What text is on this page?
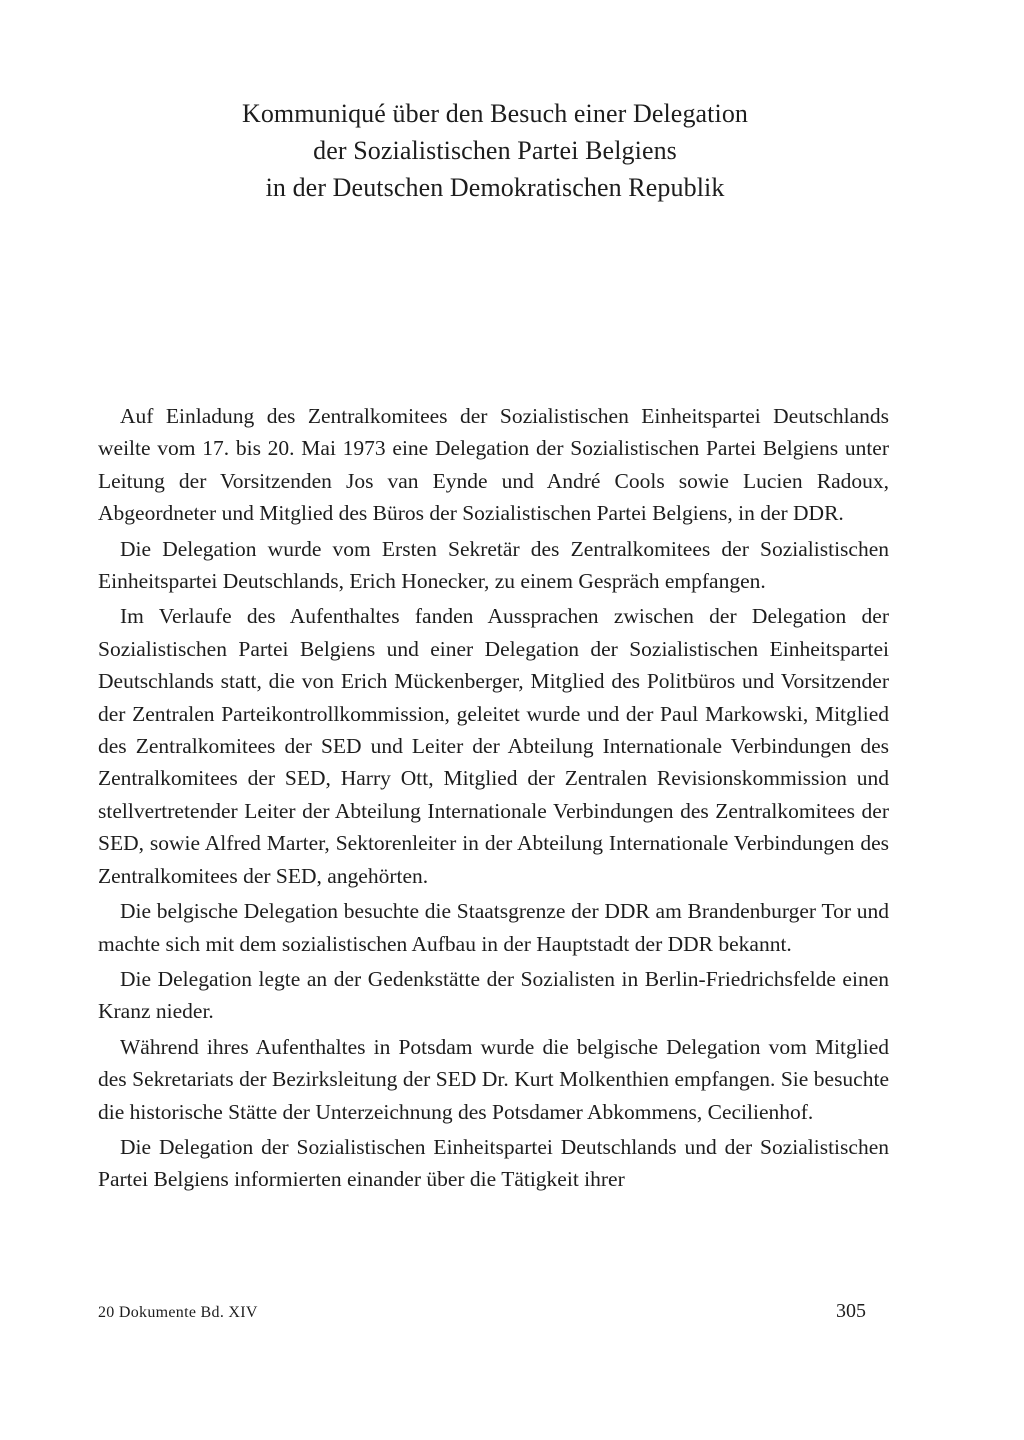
Kommuniqué über den Besuch einer Delegation
der Sozialistischen Partei Belgiens
in der Deutschen Demokratischen Republik

Auf Einladung des Zentralkomitees der Sozialistischen Einheitspartei Deutschlands weilte vom 17. bis 20. Mai 1973 eine Delegation der Sozialistischen Partei Belgiens unter Leitung der Vorsitzenden Jos van Eynde und André Cools sowie Lucien Radoux, Abgeordneter und Mitglied des Büros der Sozialistischen Partei Belgiens, in der DDR.

Die Delegation wurde vom Ersten Sekretär des Zentralkomitees der Sozialistischen Einheitspartei Deutschlands, Erich Honecker, zu einem Gespräch empfangen.

Im Verlaufe des Aufenthaltes fanden Aussprachen zwischen der Delegation der Sozialistischen Partei Belgiens und einer Delegation der Sozialistischen Einheitspartei Deutschlands statt, die von Erich Mückenberger, Mitglied des Politbüros und Vorsitzender der Zentralen Parteikontrollkommission, geleitet wurde und der Paul Markowski, Mitglied des Zentralkomitees der SED und Leiter der Abteilung Internationale Verbindungen des Zentralkomitees der SED, Harry Ott, Mitglied der Zentralen Revisionskommission und stellvertretender Leiter der Abteilung Internationale Verbindungen des Zentralkomitees der SED, sowie Alfred Marter, Sektorenleiter in der Abteilung Internationale Verbindungen des Zentralkomitees der SED, angehörten.

Die belgische Delegation besuchte die Staatsgrenze der DDR am Brandenburger Tor und machte sich mit dem sozialistischen Aufbau in der Hauptstadt der DDR bekannt.

Die Delegation legte an der Gedenkstätte der Sozialisten in Berlin-Friedrichsfelde einen Kranz nieder.

Während ihres Aufenthaltes in Potsdam wurde die belgische Delegation vom Mitglied des Sekretariats der Bezirksleitung der SED Dr. Kurt Molkenthien empfangen. Sie besuchte die historische Stätte der Unterzeichnung des Potsdamer Abkommens, Cecilienhof.

Die Delegation der Sozialistischen Einheitspartei Deutschlands und der Sozialistischen Partei Belgiens informierten einander über die Tätigkeit ihrer

20 Dokumente Bd. XIV	305
